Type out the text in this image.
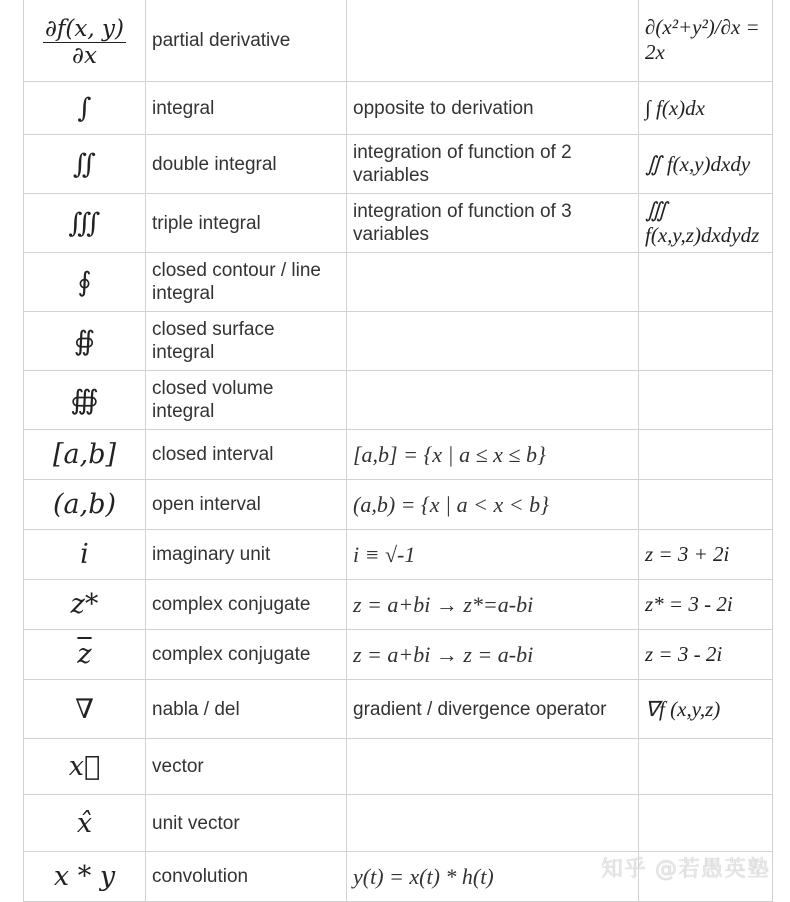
$\frac{\partial f(x, y)}{\partial x}$	partial derivative		∂(x²+y²)/∂x = 2x
∫	integral	opposite to derivation	∫ f(x)dx
∬	double integral	integration of function of 2 variables	∬ f(x,y)dxdy
∭	triple integral	integration of function of 3 variables	∭ f(x,y,z)dxdydz
∮	closed contour / line integral		
∯	closed surface integral		
∰	closed volume integral		
[a,b]	closed interval	[a,b] = {x | a ≤ x ≤ b}	
(a,b)	open interval	(a,b) = {x | a < x < b}	
i	imaginary unit	i ≡ √-1	z = 3 + 2i
z*	complex conjugate	z = a+bi → z*=a-bi	z* = 3 - 2i
$\overline{z}$	complex conjugate	z = a+bi → z = a-bi	z = 3 - 2i
∇	nabla / del	gradient / divergence operator	∇f (x,y,z)
x⃗	vector		
x̂	unit vector		
x * y	convolution	y(t) = x(t) * h(t)		知乎 @若愚英塾
